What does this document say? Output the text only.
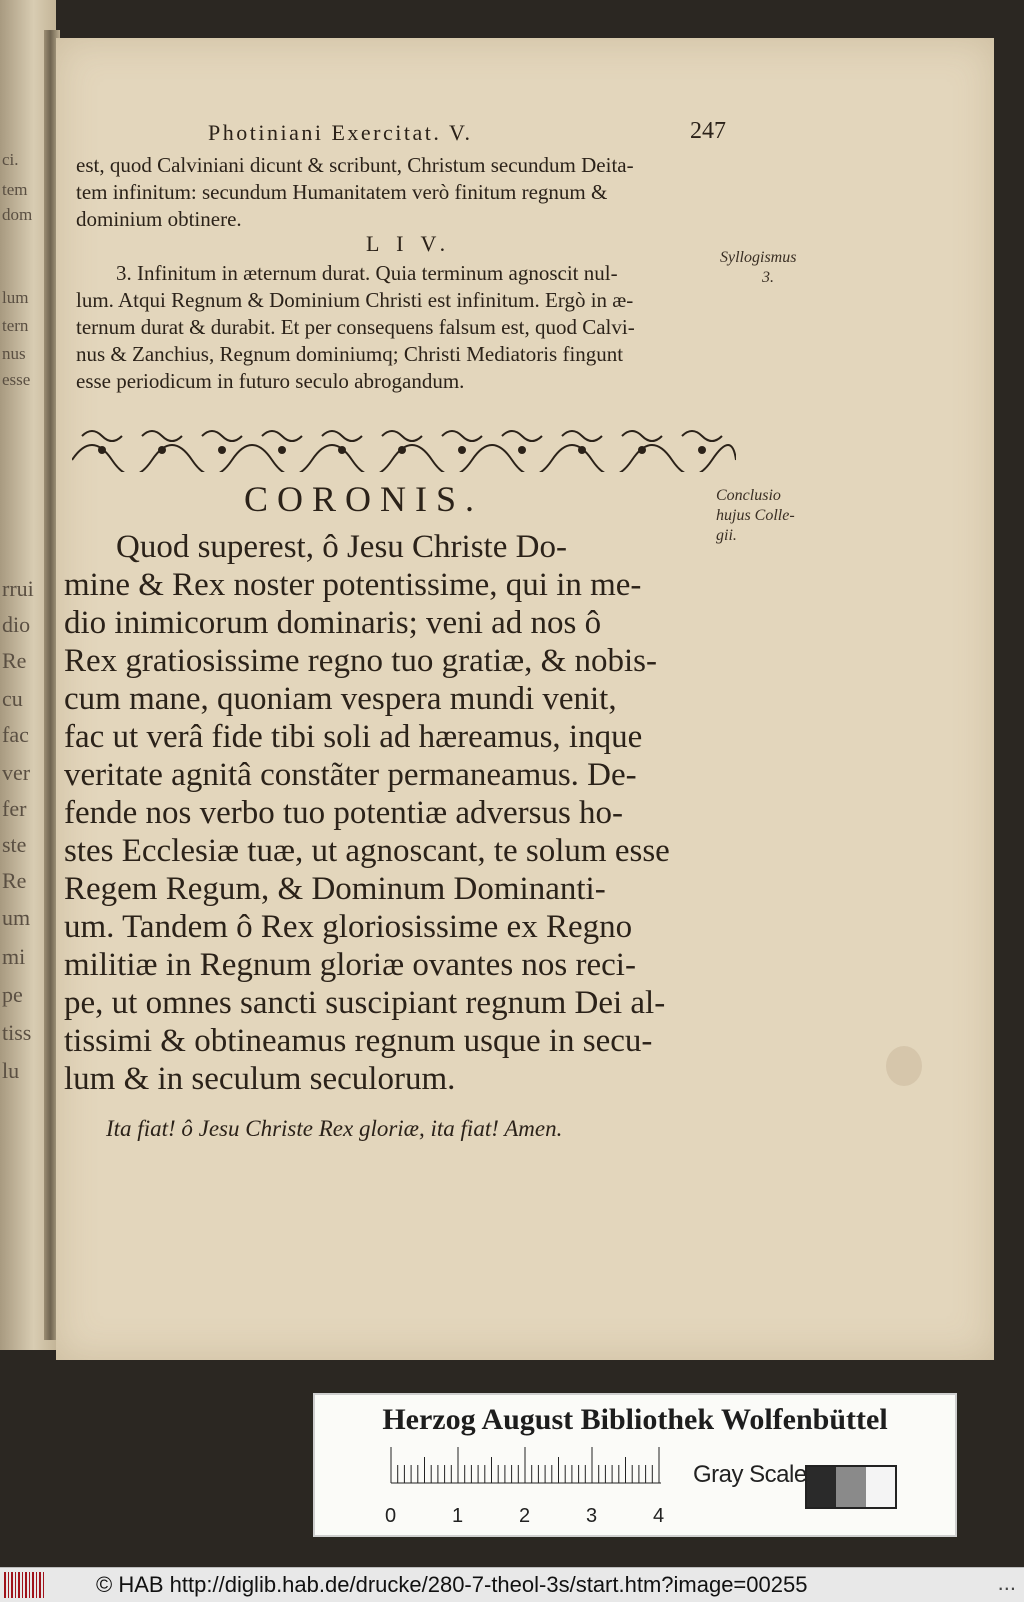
ci.
tem
dom
lum
tern
nus
esse
rrui
dio
Re
cu
fac
ver
fer
ste
Re
um
mi
pe
tiss
lu
Photiniani Exercitat. V.	247
est, quod Calviniani dicunt & scribunt, Christum secundum Deita-
tem infinitum: secundum Humanitatem verò finitum regnum &
dominium obtinere.
L I V.
3. Infinitum in æternum durat. Quia terminum agnoscit nul-
lum. Atqui Regnum & Dominium Christi est infinitum. Ergò in æ-
ternum durat & durabit. Et per consequens falsum est, quod Calvi-
nus & Zanchius, Regnum dominiumq; Christi Mediatoris fingunt
esse periodicum in futuro seculo abrogandum.
Syllogismus
3.
CORONIS.	Conclusio
hujus Colle-
gii.
Quod superest, ô Jesu Christe Do-
mine & Rex noster potentissime, qui in me-
dio inimicorum dominaris; veni ad nos ô
Rex gratiosissime regno tuo gratiæ, & nobis-
cum mane, quoniam vespera mundi venit,
fac ut verâ fide tibi soli ad hæreamus, inque
veritate agnitâ constãter permaneamus. De-
fende nos verbo tuo potentiæ adversus ho-
stes Ecclesiæ tuæ, ut agnoscant, te solum esse
Regem Regum, & Dominum Dominanti-
um. Tandem ô Rex gloriosissime ex Regno
militiæ in Regnum gloriæ ovantes nos reci-
pe, ut omnes sancti suscipiant regnum Dei al-
tissimi & obtineamus regnum usque in secu-
lum & in seculum seculorum.
Ita fiat! ô Jesu Christe Rex gloriæ, ita fiat! Amen.
Herzog August Bibliothek Wolfenbüttel
0	1	2	3	4
Gray Scale
© HAB http://diglib.hab.de/drucke/280-7-theol-3s/start.htm?image=00255	...
